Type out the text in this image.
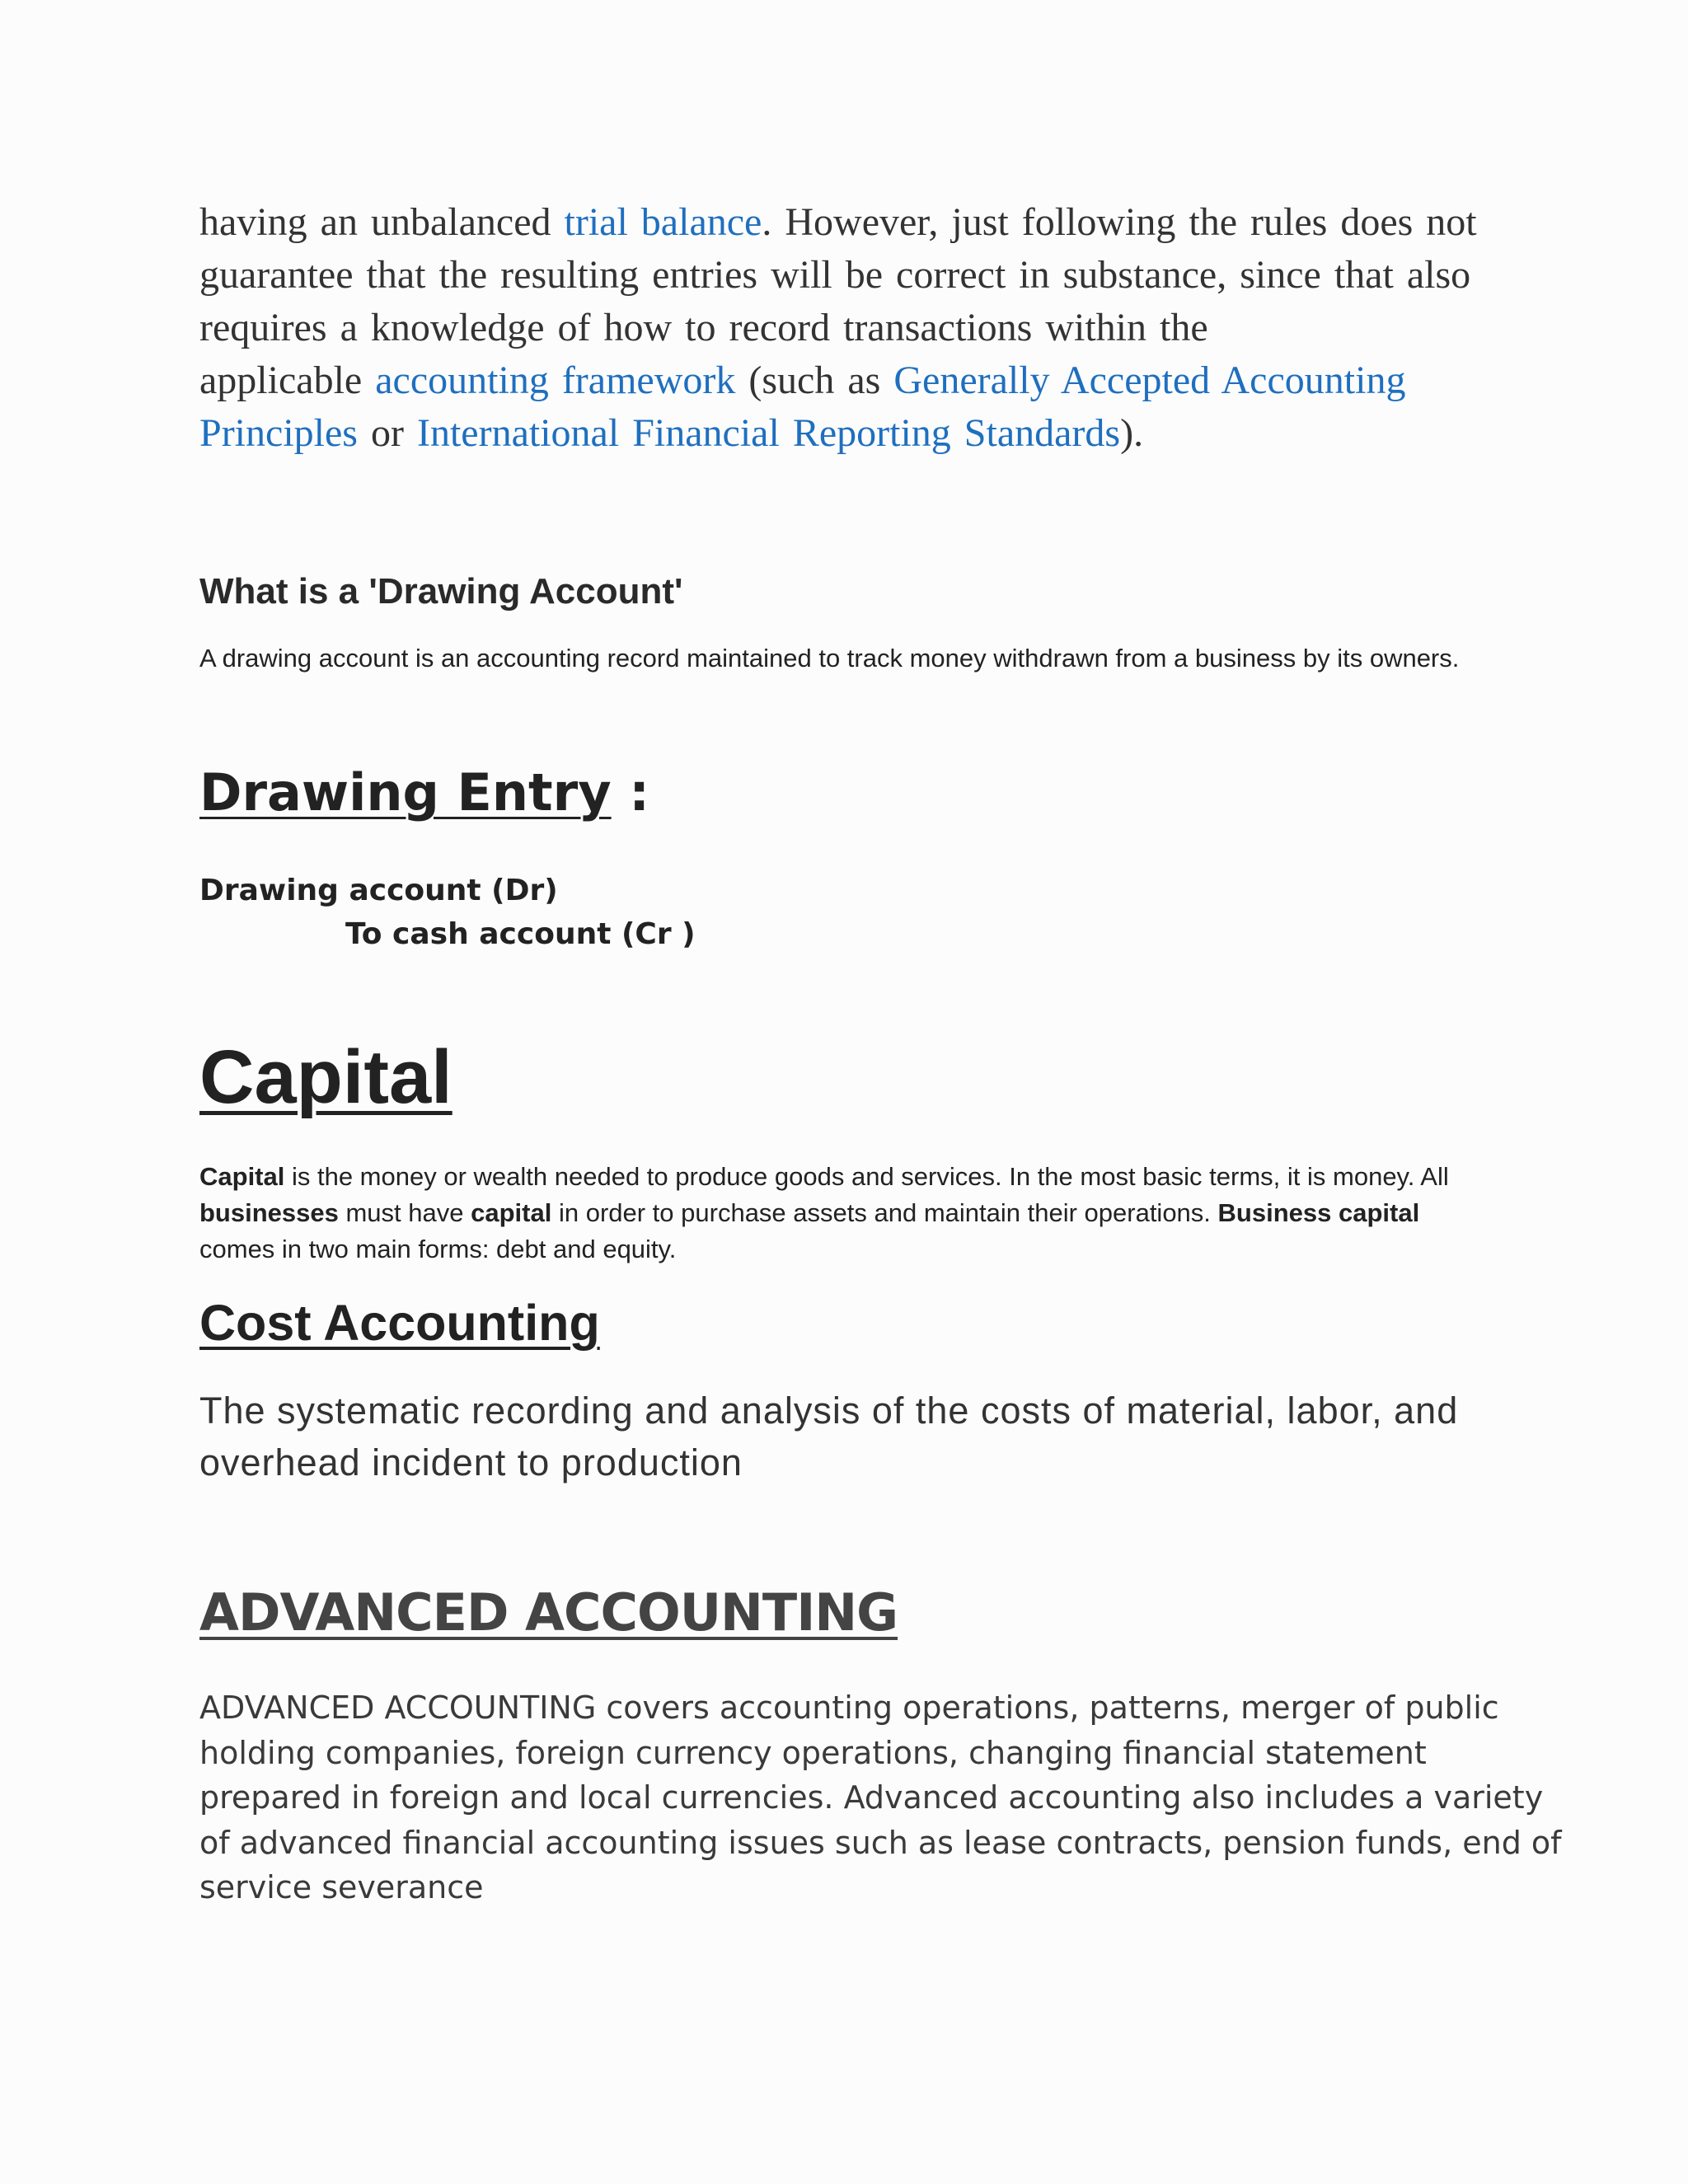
having an unbalanced trial balance. However, just following the rules does not
guarantee that the resulting entries will be correct in substance, since that also
requires a knowledge of how to record transactions within the
applicable accounting framework (such as Generally Accepted Accounting
Principles or International Financial Reporting Standards).
What is a 'Drawing Account'

A drawing account is an accounting record maintained to track money withdrawn from a business by its owners.

Drawing Entry :

Drawing account (Dr)

To cash account (Cr )

Capital

Capital is the money or wealth needed to produce goods and services. In the most basic terms, it is money. All businesses must have capital in order to purchase assets and maintain their operations. Business capital comes in two main forms: debt and equity.

Cost Accounting

The systematic recording and analysis of the costs of material, labor, and overhead incident to production

ADVANCED ACCOUNTING

ADVANCED ACCOUNTING covers accounting operations, patterns, merger of public
holding companies, foreign currency operations, changing financial statement
prepared in foreign and local currencies. Advanced accounting also includes a variety
of advanced financial accounting issues such as lease contracts, pension funds, end of
service severance
